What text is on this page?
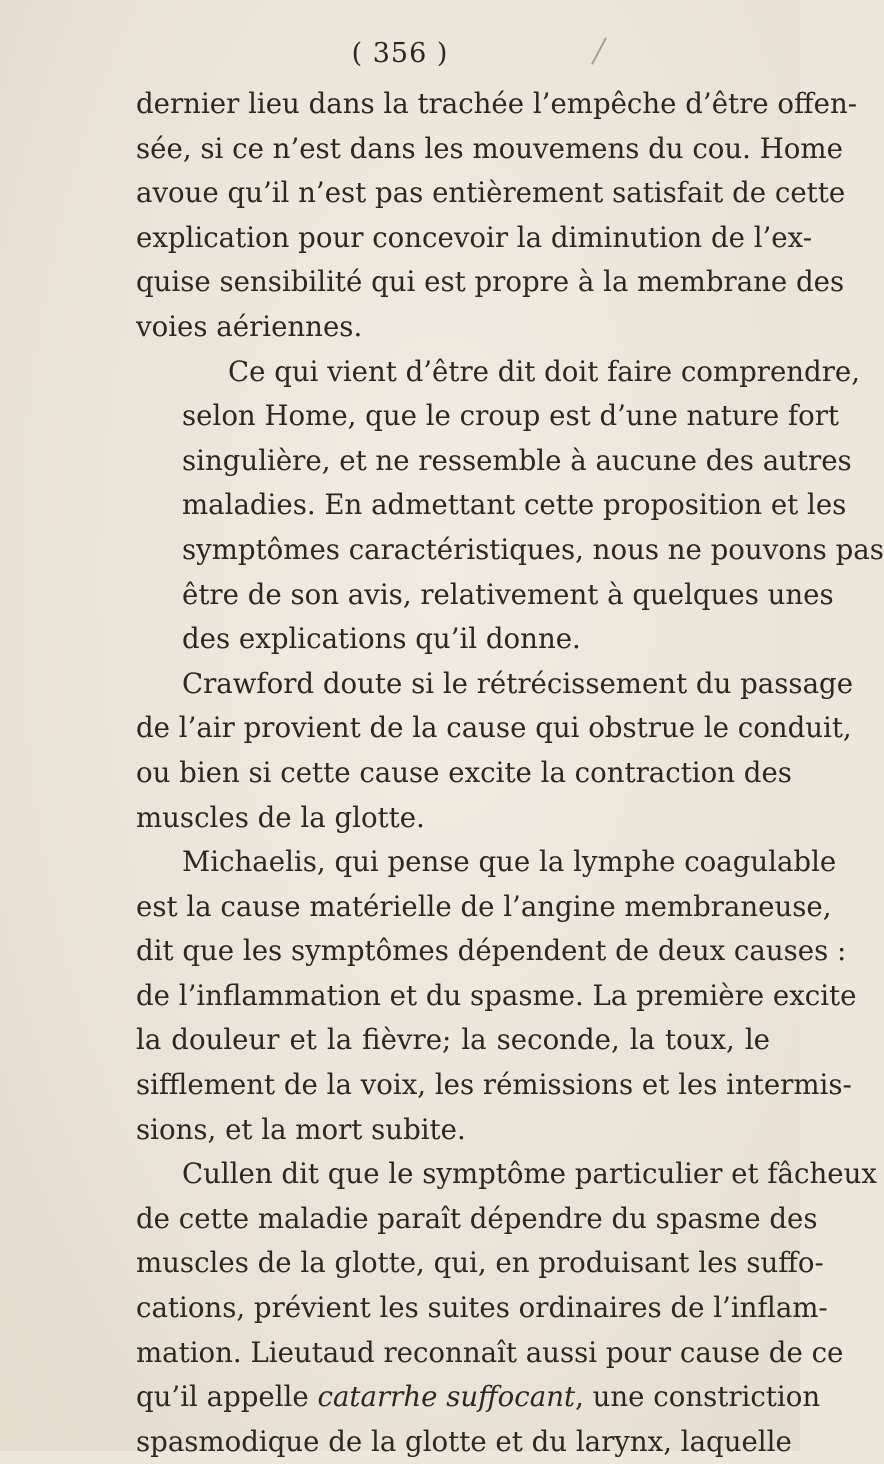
( 356 )
dernier lieu dans la trachée l’empêche d’être offen-
sée, si ce n’est dans les mouvemens du cou. Home
avoue qu’il n’est pas entièrement satisfait de cette
explication pour concevoir la diminution de l’ex-
quise sensibilité qui est propre à la membrane des
voies aériennes.
Ce qui vient d’être dit doit faire comprendre,
selon Home, que le croup est d’une nature fort
singulière, et ne ressemble à aucune des autres
maladies. En admettant cette proposition et les
symptômes caractéristiques, nous ne pouvons pas
être de son avis, relativement à quelques unes
des explications qu’il donne.
Crawford doute si le rétrécissement du passage
de l’air provient de la cause qui obstrue le conduit,
ou bien si cette cause excite la contraction des
muscles de la glotte.
Michaelis, qui pense que la lymphe coagulable
est la cause matérielle de l’angine membraneuse,
dit que les symptômes dépendent de deux causes :
de l’inflammation et du spasme. La première excite
la douleur et la fièvre; la seconde, la toux, le
sifflement de la voix, les rémissions et les intermis-
sions, et la mort subite.
Cullen dit que le symptôme particulier et fâcheux
de cette maladie paraît dépendre du spasme des
muscles de la glotte, qui, en produisant les suffo-
cations, prévient les suites ordinaires de l’inflam-
mation. Lieutaud reconnaît aussi pour cause de ce
qu’il appelle catarrhe suffocant, une constriction
spasmodique de la glotte et du larynx, laquelle
